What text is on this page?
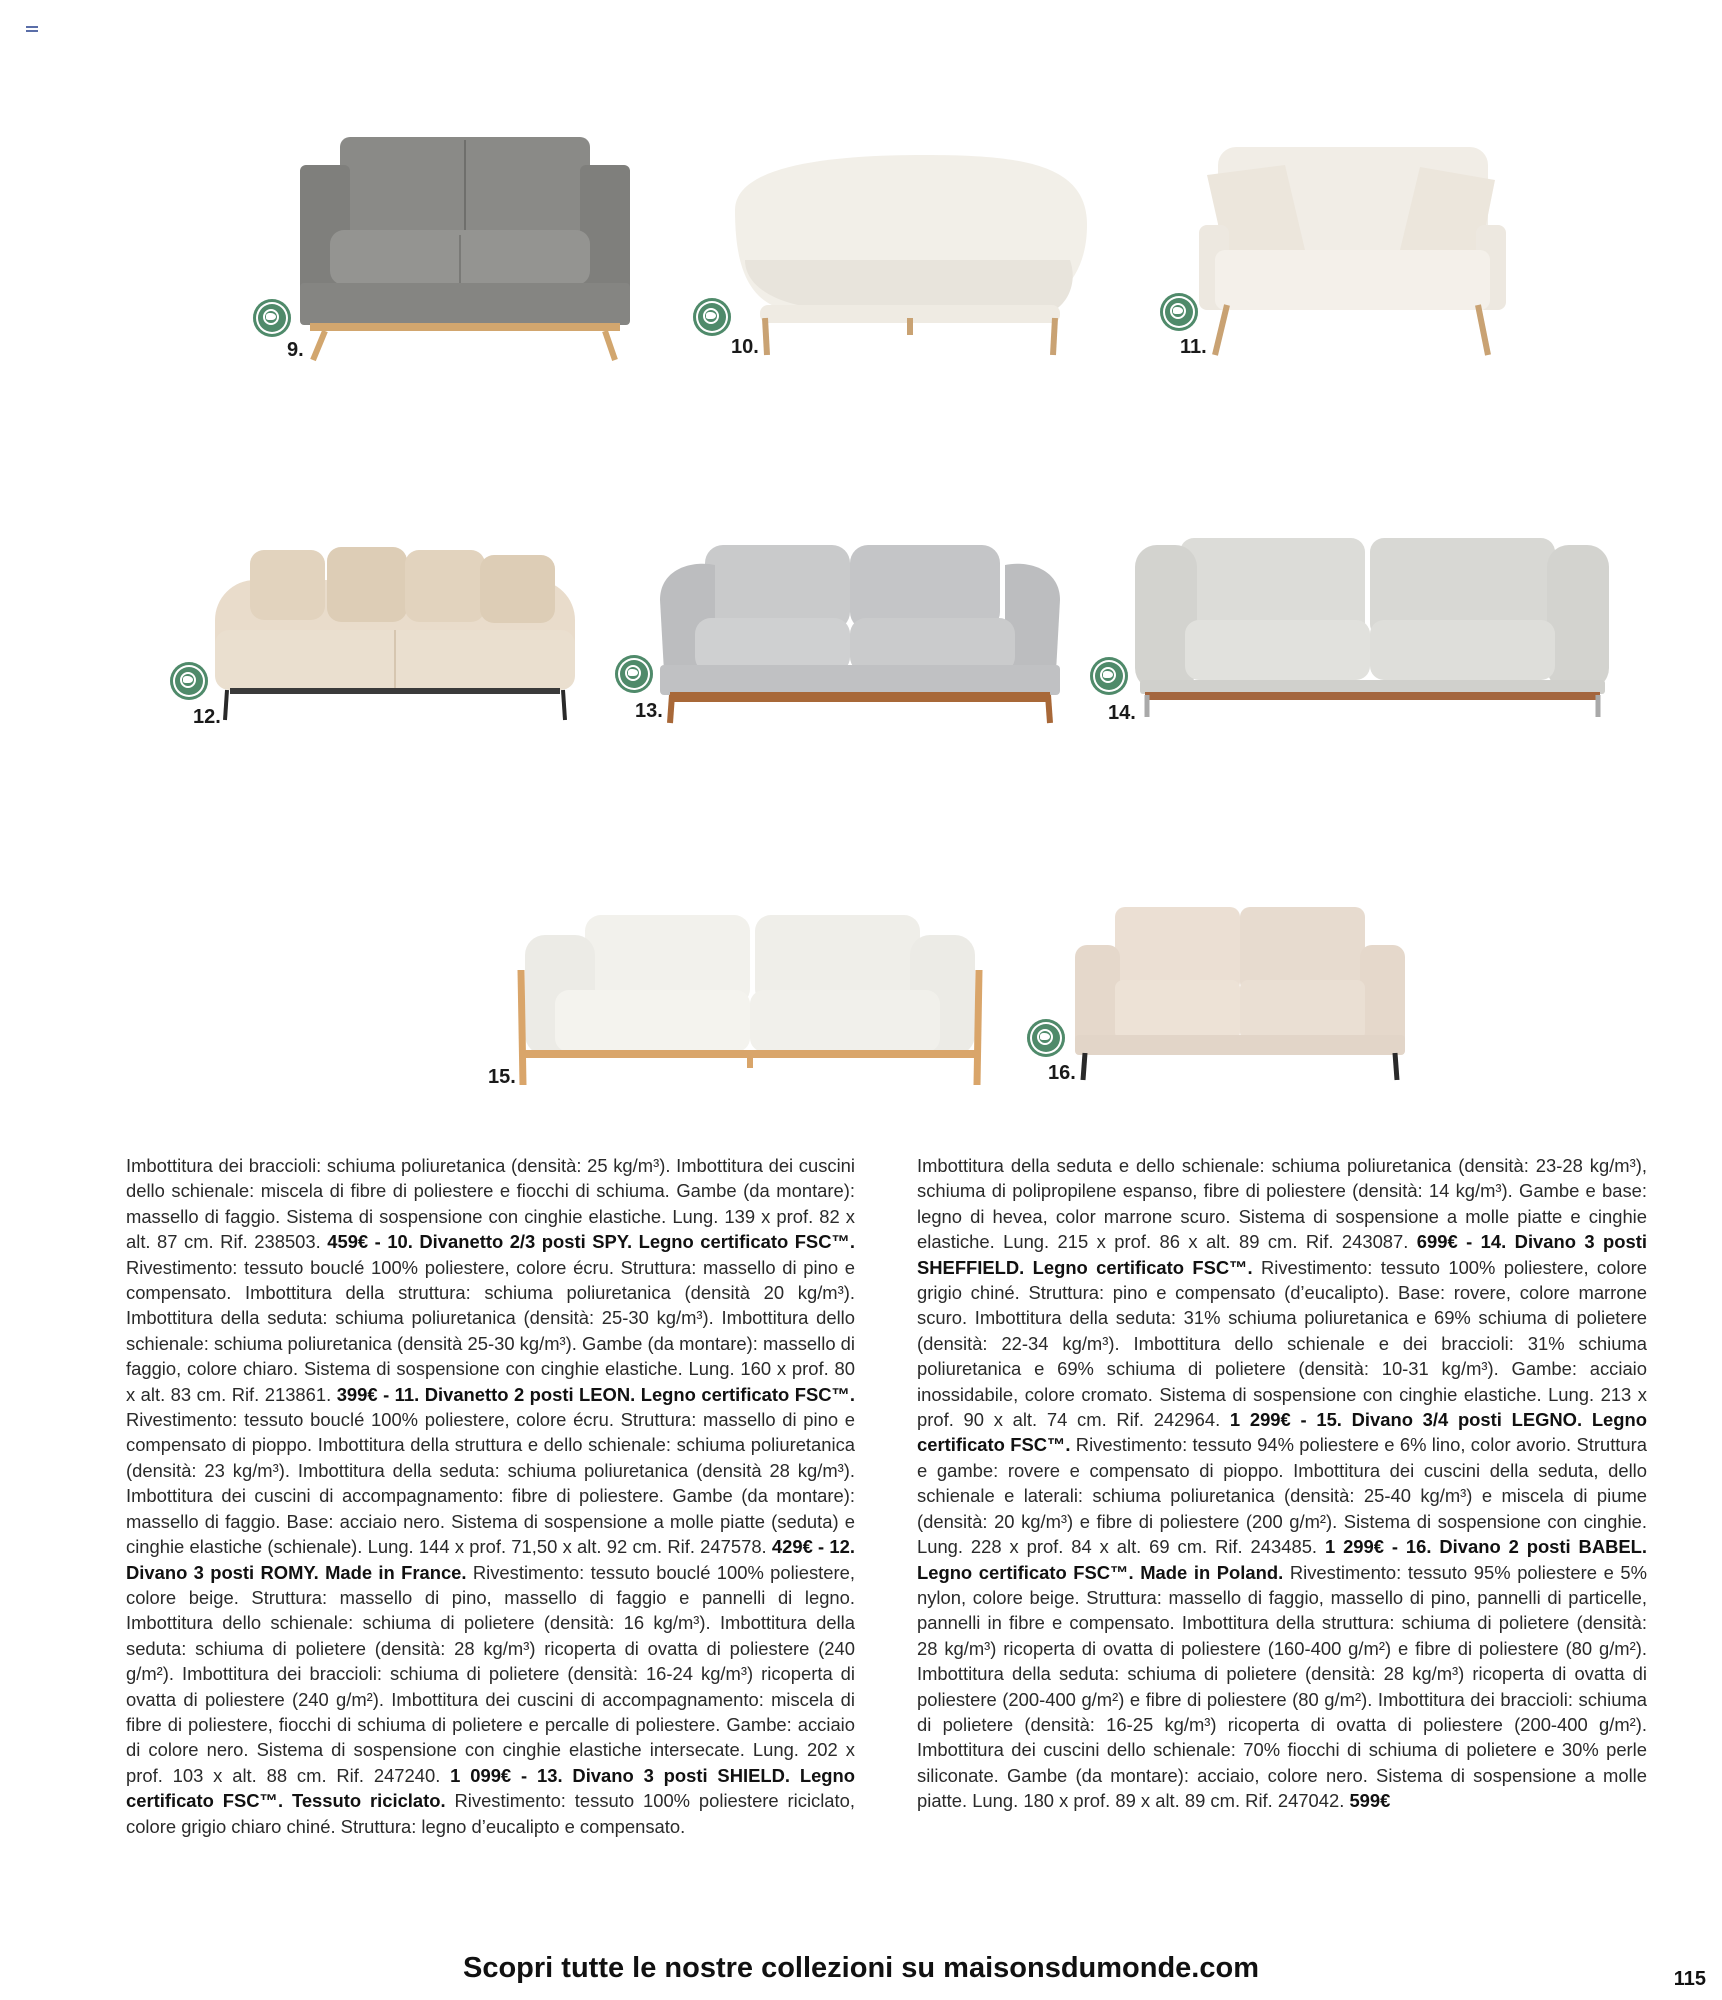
9.	10.	11.
12.	13.	14.
15.	16.

Imbottitura dei braccioli: schiuma poliuretanica (densità: 25 kg/m³). Imbottitura dei cuscini dello schienale: miscela di fibre di poliestere e fiocchi di schiuma. Gambe (da montare): massello di faggio. Sistema di sospensione con cinghie elastiche. Lung. 139 x prof. 82 x alt. 87 cm. Rif. 238503. 459€ - 10. Divanetto 2/3 posti SPY. Legno certificato FSC™. Rivestimento: tessuto bouclé 100% poliestere, colore écru. Struttura: massello di pino e compensato. Imbottitura della struttura: schiuma poliuretanica (densità 20 kg/m³). Imbottitura della seduta: schiuma poliuretanica (densità: 25-30 kg/m³). Imbottitura dello schienale: schiuma poliuretanica (densità 25-30 kg/m³). Gambe (da montare): massello di faggio, colore chiaro. Sistema di sospensione con cinghie elastiche. Lung. 160 x prof. 80 x alt. 83 cm. Rif. 213861. 399€ - 11. Divanetto 2 posti LEON. Legno certificato FSC™. Rivestimento: tessuto bouclé 100% poliestere, colore écru. Struttura: massello di pino e compensato di pioppo. Imbottitura della struttura e dello schienale: schiuma poliuretanica (densità: 23 kg/m³). Imbottitura della seduta: schiuma poliuretanica (densità 28 kg/m³). Imbottitura dei cuscini di accompagnamento: fibre di poliestere. Gambe (da montare): massello di faggio. Base: acciaio nero. Sistema di sospensione a molle piatte (seduta) e cinghie elastiche (schienale). Lung. 144 x prof. 71,50 x alt. 92 cm. Rif. 247578. 429€ - 12. Divano 3 posti ROMY. Made in France. Rivestimento: tessuto bouclé 100% poliestere, colore beige. Struttura: massello di pino, massello di faggio e pannelli di legno. Imbottitura dello schienale: schiuma di polietere (densità: 16 kg/m³). Imbottitura della seduta: schiuma di polietere (densità: 28 kg/m³) ricoperta di ovatta di poliestere (240 g/m²). Imbottitura dei braccioli: schiuma di polietere (densità: 16-24 kg/m³) ricoperta di ovatta di poliestere (240 g/m²). Imbottitura dei cuscini di accompagnamento: miscela di fibre di poliestere, fiocchi di schiuma di polietere e percalle di poliestere. Gambe: acciaio di colore nero. Sistema di sospensione con cinghie elastiche intersecate. Lung. 202 x prof. 103 x alt. 88 cm. Rif. 247240. 1 099€ - 13. Divano 3 posti SHIELD. Legno certificato FSC™. Tessuto riciclato. Rivestimento: tessuto 100% poliestere riciclato, colore grigio chiaro chiné. Struttura: legno d’eucalipto e compensato.

Imbottitura della seduta e dello schienale: schiuma poliuretanica (densità: 23-28 kg/m³), schiuma di polipropilene espanso, fibre di poliestere (densità: 14 kg/m³). Gambe e base: legno di hevea, color marrone scuro. Sistema di sospensione a molle piatte e cinghie elastiche. Lung. 215 x prof. 86 x alt. 89 cm. Rif. 243087. 699€ - 14. Divano 3 posti SHEFFIELD. Legno certificato FSC™. Rivestimento: tessuto 100% poliestere, colore grigio chiné. Struttura: pino e compensato (d’eucalipto). Base: rovere, colore marrone scuro. Imbottitura della seduta: 31% schiuma poliuretanica e 69% schiuma di polietere (densità: 22-34 kg/m³). Imbottitura dello schienale e dei braccioli: 31% schiuma poliuretanica e 69% schiuma di polietere (densità: 10-31 kg/m³). Gambe: acciaio inossidabile, colore cromato. Sistema di sospensione con cinghie elastiche. Lung. 213 x prof. 90 x alt. 74 cm. Rif. 242964. 1 299€ - 15. Divano 3/4 posti LEGNO. Legno certificato FSC™. Rivestimento: tessuto 94% poliestere e 6% lino, color avorio. Struttura e gambe: rovere e compensato di pioppo. Imbottitura dei cuscini della seduta, dello schienale e laterali: schiuma poliuretanica (densità: 25-40 kg/m³) e miscela di piume (densità: 20 kg/m³) e fibre di poliestere (200 g/m²). Sistema di sospensione con cinghie. Lung. 228 x prof. 84 x alt. 69 cm. Rif. 243485. 1 299€ - 16. Divano 2 posti BABEL. Legno certificato FSC™. Made in Poland. Rivestimento: tessuto 95% poliestere e 5% nylon, colore beige. Struttura: massello di faggio, massello di pino, pannelli di particelle, pannelli in fibre e compensato. Imbottitura della struttura: schiuma di polietere (densità: 28 kg/m³) ricoperta di ovatta di poliestere (160-400 g/m²) e fibre di poliestere (80 g/m²). Imbottitura della seduta: schiuma di polietere (densità: 28 kg/m³) ricoperta di ovatta di poliestere (200-400 g/m²) e fibre di poliestere (80 g/m²). Imbottitura dei braccioli: schiuma di polietere (densità: 16-25 kg/m³) ricoperta di ovatta di poliestere (200-400 g/m²). Imbottitura dei cuscini dello schienale: 70% fiocchi di schiuma di polietere e 30% perle siliconate. Gambe (da montare): acciaio, colore nero. Sistema di sospensione a molle piatte. Lung. 180 x prof. 89 x alt. 89 cm. Rif. 247042. 599€

Scopri tutte le nostre collezioni su maisonsdumonde.com	115
